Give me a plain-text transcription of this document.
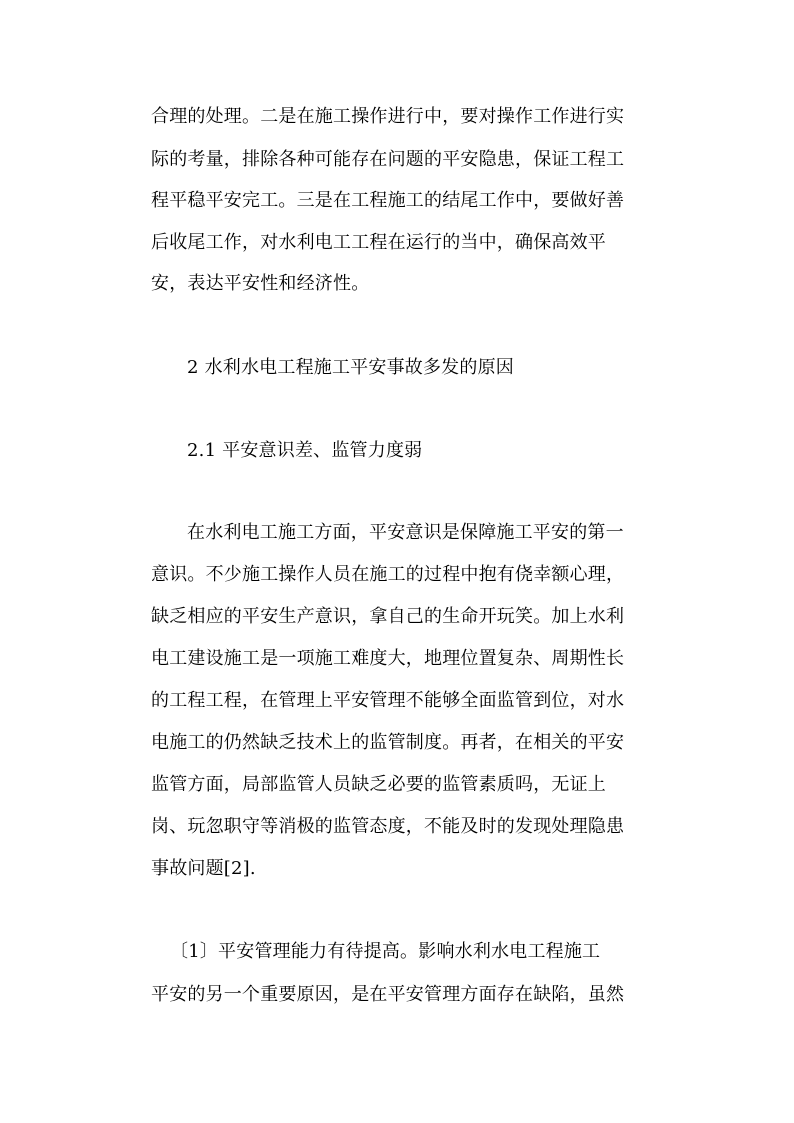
合理的处理。二是在施工操作进行中，要对操作工作进行实
际的考量，排除各种可能存在问题的平安隐患，保证工程工
程平稳平安完工。三是在工程施工的结尾工作中，要做好善
后收尾工作，对水利电工工程在运行的当中，确保高效平
安，表达平安性和经济性。
2 水利水电工程施工平安事故多发的原因
2.1 平安意识差、监管力度弱
在水利电工施工方面，平安意识是保障施工平安的第一
意识。不少施工操作人员在施工的过程中抱有侥幸额心理，
缺乏相应的平安生产意识，拿自己的生命开玩笑。加上水利
电工建设施工是一项施工难度大，地理位置复杂、周期性长
的工程工程，在管理上平安管理不能够全面监管到位，对水
电施工的仍然缺乏技术上的监管制度。再者，在相关的平安
监管方面，局部监管人员缺乏必要的监管素质吗，无证上
岗、玩忽职守等消极的监管态度，不能及时的发现处理隐患
事故问题[2].
〔1〕平安管理能力有待提高。影响水利水电工程施工
平安的另一个重要原因，是在平安管理方面存在缺陷，虽然
